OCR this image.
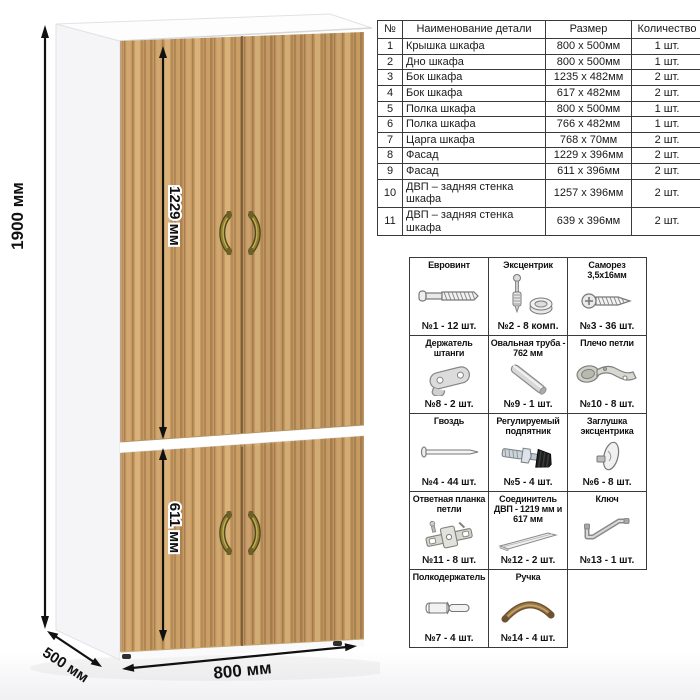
1900 мм	1229 мм
611 мм
800 мм
500 мм
№	Наименование детали	Размер	Количество
1	Крышка шкафа	800 x 500мм	1 шт.
2	Дно шкафа	800 x 500мм	1 шт.
3	Бок шкафа	1235 x 482мм	2 шт.
4	Бок шкафа	617 x 482мм	2 шт.
5	Полка шкафа	800 x 500мм	1 шт.
6	Полка шкафа	766 x 482мм	1 шт.
7	Царга шкафа	768 x 70мм	2 шт.
8	Фасад	1229 x 396мм	2 шт.
9	Фасад	611 x 396мм	2 шт.
10	ДВП – задняя стенка шкафа	1257 x 396мм	2 шт.
11	ДВП – задняя стенка шкафа	639 x 396мм	2 шт.
Евровинт
№1 - 12 шт.
Эксцентрик
№2 - 8 комп.
Саморез 3,5х16мм
№3 - 36 шт.
Держатель штанги
№8 - 2 шт.
Овальная труба - 762 мм
№9 - 1 шт.
Плечо петли
№10 - 8 шт.
Гвоздь
№4 - 44 шт.
Регулируемый подпятник
№5 - 4 шт.
Заглушка эксцентрика
№6 - 8 шт.
Ответная планка петли
№11 - 8 шт.
Соединитель ДВП - 1219 мм и 617 мм
№12 - 2 шт.
Ключ
№13 - 1 шт.
Полкодержатель
№7 - 4 шт.
Ручка
№14 - 4 шт.
